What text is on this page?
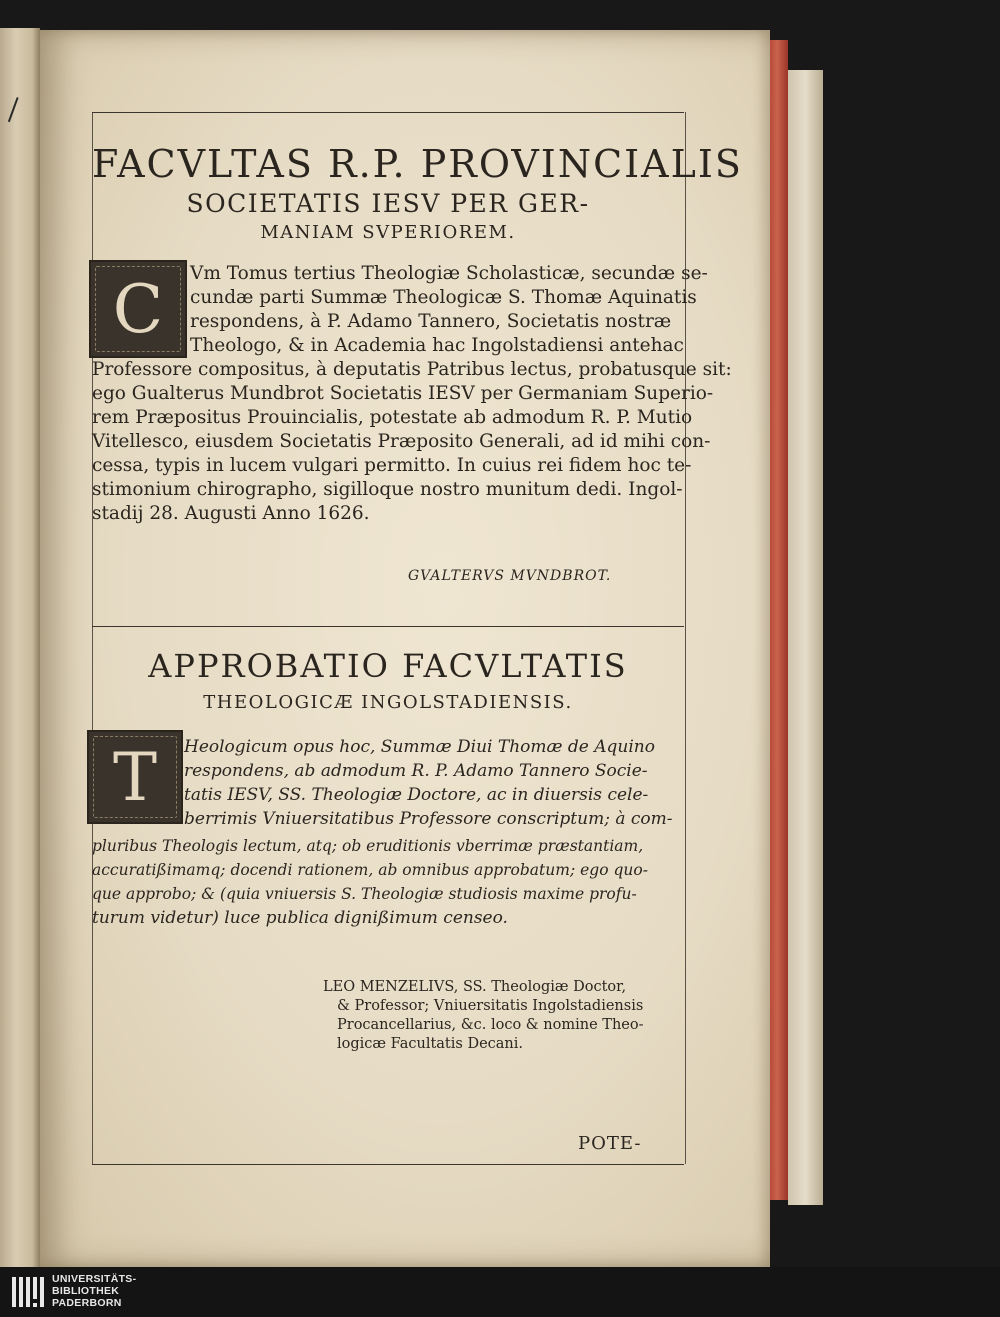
FACVLTAS R.P. PROVINCIALIS
SOCIETATIS IESV PER GER-
MANIAM SVPERIOREM.
C Vm Tomus tertius Theologiæ Scholasticæ, secundæ se-
cundæ parti Summæ Theologicæ S. Thomæ Aquinatis
respondens, à P. Adamo Tannero, Societatis nostræ
Theologo, & in Academia hac Ingolstadiensi antehac
Professore compositus, à deputatis Patribus lectus, probatusque sit:
ego Gualterus Mundbrot Societatis IESV per Germaniam Superio-
rem Præpositus Prouincialis, potestate ab admodum R. P. Mutio
Vitellesco, eiusdem Societatis Præposito Generali, ad id mihi con-
cessa, typis in lucem vulgari permitto. In cuius rei fidem hoc te-
stimonium chirographo, sigilloque nostro munitum dedi. Ingol-
stadij 28. Augusti Anno 1626.
GVALTERVS MVNDBROT.
APPROBATIO FACVLTATIS
THEOLOGICÆ INGOLSTADIENSIS.
T Heologicum opus hoc, Summæ Diui Thomæ de Aquino
respondens, ab admodum R. P. Adamo Tannero Socie-
tatis IESV, SS. Theologiæ Doctore, ac in diuersis cele-
berrimis Vniuersitatibus Professore conscriptum; à com-
pluribus Theologis lectum, atq; ob eruditionis vberrimæ præstantiam,
accuratißimamq; docendi rationem, ab omnibus approbatum; ego quo-
que approbo; & (quia vniuersis S. Theologiæ studiosis maxime profu-
turum videtur) luce publica dignißimum censeo.
LEO MENZELIVS, SS. Theologiæ Doctor,
& Professor; Vniuersitatis Ingolstadiensis
Procancellarius, &c. loco & nomine Theo-
logicæ Facultatis Decani.
POTE-
UNIVERSITÄTS-
BIBLIOTHEK
PADERBORN
